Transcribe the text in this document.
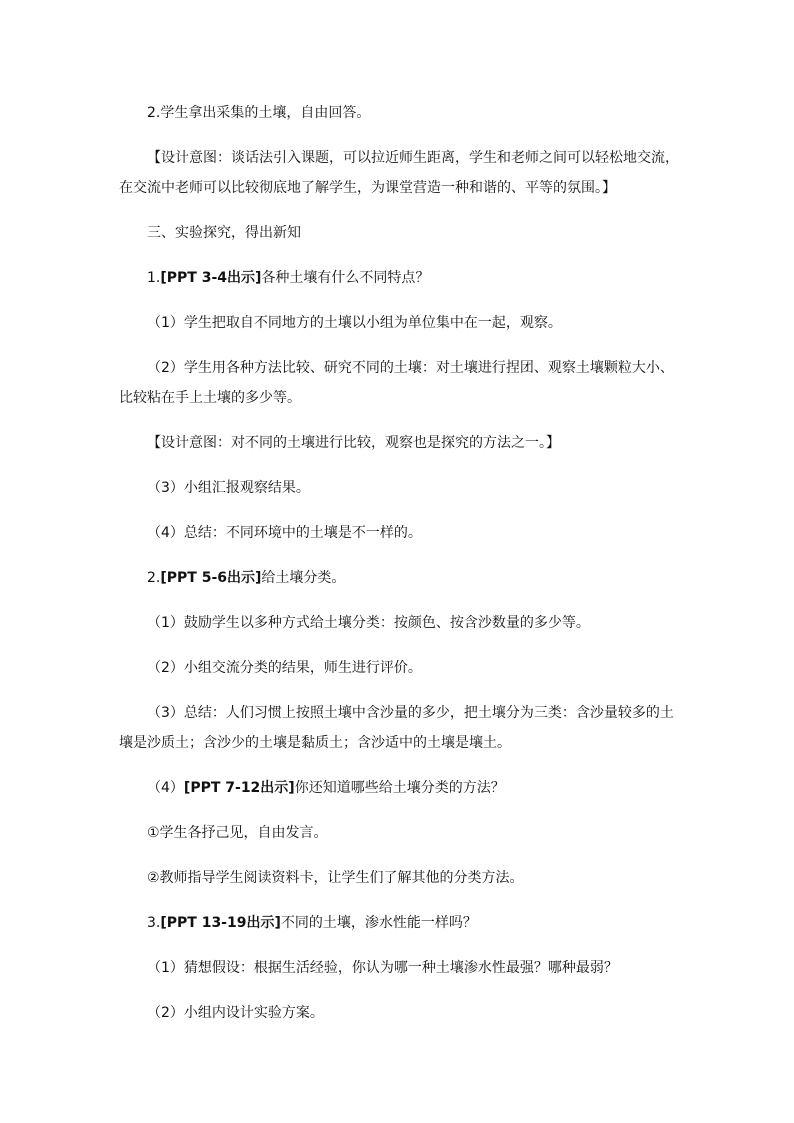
2.学生拿出采集的土壤，自由回答。
【设计意图：谈话法引入课题，可以拉近师生距离，学生和老师之间可以轻松地交流，
在交流中老师可以比较彻底地了解学生，为课堂营造一种和谐的、平等的氛围。】
三、实验探究，得出新知
1.[PPT 3-4出示]各种土壤有什么不同特点？
（1）学生把取自不同地方的土壤以小组为单位集中在一起，观察。
（2）学生用各种方法比较、研究不同的土壤：对土壤进行捏团、观察土壤颗粒大小、
比较粘在手上土壤的多少等。
【设计意图：对不同的土壤进行比较，观察也是探究的方法之一。】
（3）小组汇报观察结果。
（4）总结：不同环境中的土壤是不一样的。
2.[PPT 5-6出示]给土壤分类。
（1）鼓励学生以多种方式给土壤分类：按颜色、按含沙数量的多少等。
（2）小组交流分类的结果，师生进行评价。
（3）总结：人们习惯上按照土壤中含沙量的多少，把土壤分为三类：含沙量较多的土
壤是沙质土；含沙少的土壤是黏质土；含沙适中的土壤是壤土。
（4）[PPT 7-12出示]你还知道哪些给土壤分类的方法？
①学生各抒己见，自由发言。
②教师指导学生阅读资料卡，让学生们了解其他的分类方法。
3.[PPT 13-19出示]不同的土壤，渗水性能一样吗？
（1）猜想假设：根据生活经验，你认为哪一种土壤渗水性最强？哪种最弱？
（2）小组内设计实验方案。
